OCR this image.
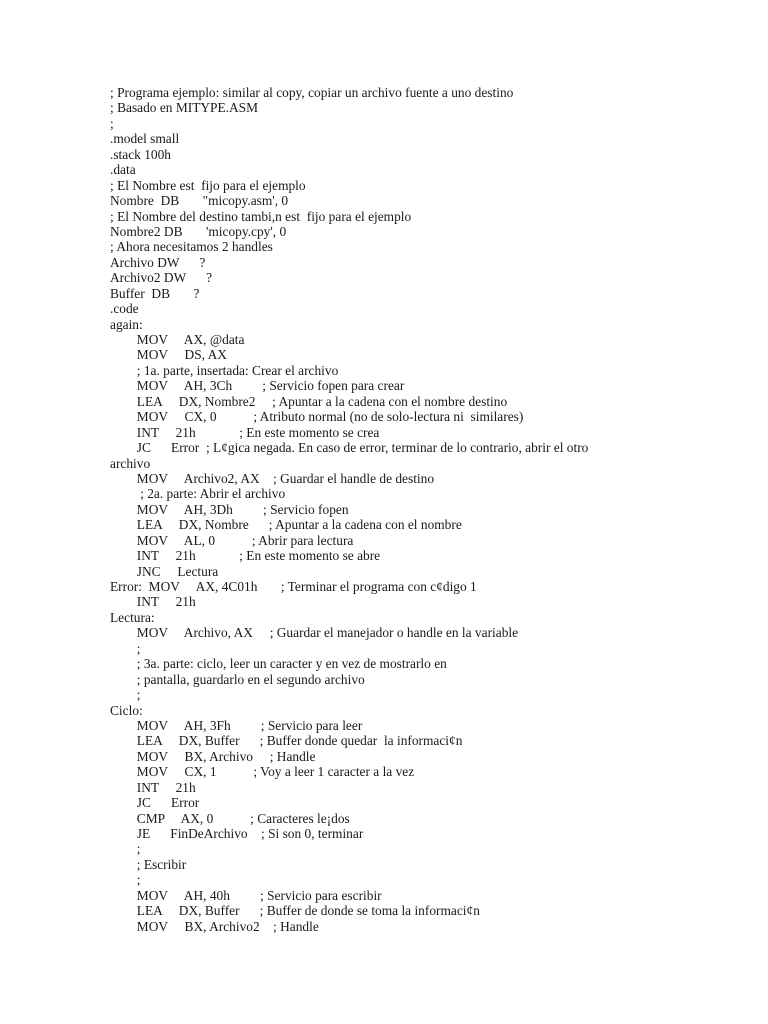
; Programa ejemplo: similar al copy, copiar un archivo fuente a uno destino
; Basado en MITYPE.ASM
;
.model small
.stack 100h
.data
; El Nombre est  fijo para el ejemplo
Nombre  DB       "micopy.asm', 0
; El Nombre del destino tambi,n est  fijo para el ejemplo
Nombre2 DB       'micopy.cpy', 0
; Ahora necesitamos 2 handles
Archivo DW      ?
Archivo2 DW      ?
Buffer  DB       ?
.code
again:
MOV     AX, @data
MOV     DS, AX
; 1a. parte, insertada: Crear el archivo
MOV     AH, 3Ch         ; Servicio fopen para crear
LEA     DX, Nombre2     ; Apuntar a la cadena con el nombre destino
MOV     CX, 0           ; Atributo normal (no de solo-lectura ni  similares)
INT     21h             ; En este momento se crea
JC      Error  ; L¢gica negada. En caso de error, terminar de lo contrario, abrir el otro
archivo
MOV     Archivo2, AX    ; Guardar el handle de destino
; 2a. parte: Abrir el archivo
MOV     AH, 3Dh         ; Servicio fopen
LEA     DX, Nombre      ; Apuntar a la cadena con el nombre
MOV     AL, 0           ; Abrir para lectura
INT     21h             ; En este momento se abre
JNC     Lectura
Error:  MOV     AX, 4C01h       ; Terminar el programa con c¢digo 1
INT     21h
Lectura:
MOV     Archivo, AX     ; Guardar el manejador o handle en la variable
;
; 3a. parte: ciclo, leer un caracter y en vez de mostrarlo en
; pantalla, guardarlo en el segundo archivo
;
Ciclo:
MOV     AH, 3Fh         ; Servicio para leer
LEA     DX, Buffer      ; Buffer donde quedar  la informaci¢n
MOV     BX, Archivo     ; Handle
MOV     CX, 1           ; Voy a leer 1 caracter a la vez
INT     21h
JC      Error
CMP     AX, 0           ; Caracteres le¡dos
JE      FinDeArchivo    ; Si son 0, terminar
;
; Escribir
;
MOV     AH, 40h         ; Servicio para escribir
LEA     DX, Buffer      ; Buffer de donde se toma la informaci¢n
MOV     BX, Archivo2    ; Handle
